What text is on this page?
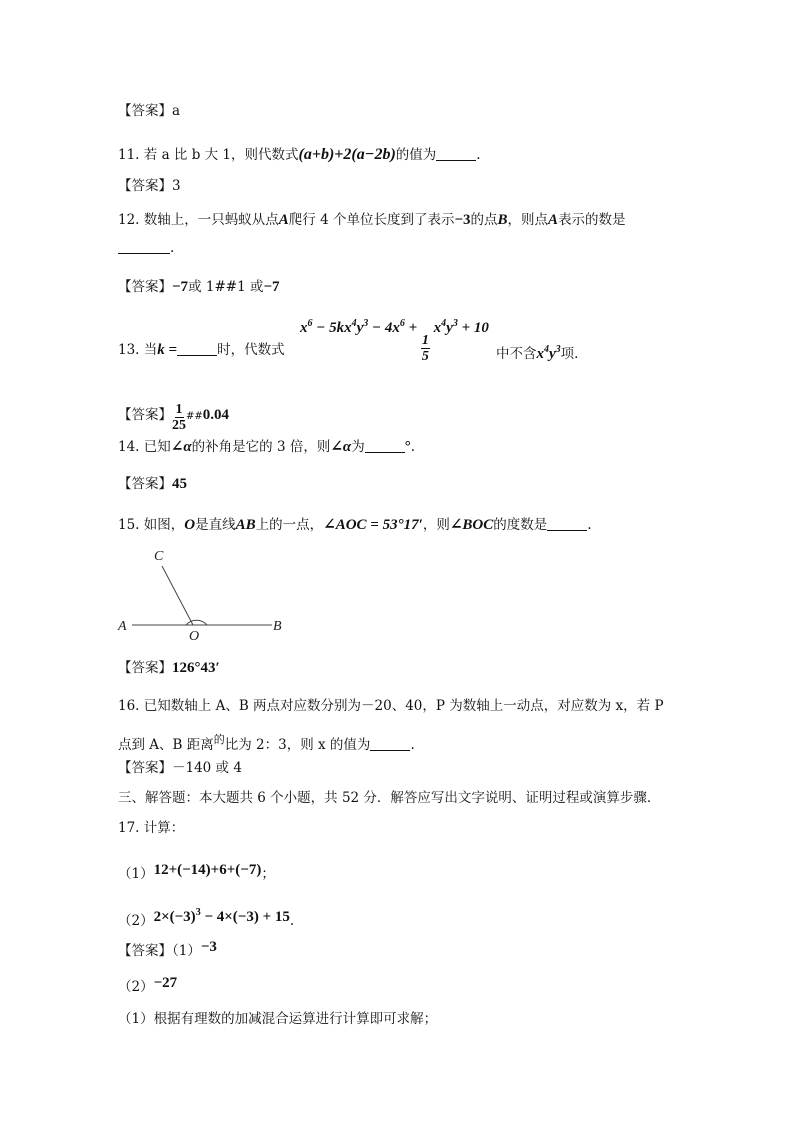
【答案】a
11. 若 a 比 b 大 1，则代数式(a+b)+2(a−2b)的值为	.
【答案】3
12. 数轴上，一只蚂蚁从点A爬行 4 个单位长度到了表示−3的点B，则点A表示的数是
.
【答案】−7或 1##1 或−7
13. 当k =	时，代数式
$x^6 - 5kx^4y^3 - 4x^6$ +
$\frac{1}{5}$
$x^4y^3 + 10$
中不含$x^4y^3$项.
【答案】 $\frac{1}{25}$ ##0.04
14. 已知∠α的补角是它的 3 倍，则∠α为	°.
【答案】45
15. 如图，O是直线AB上的一点，∠AOC = 53°17′，则∠BOC的度数是	.
C
A
O
B
【答案】126°43′
16. 已知数轴上 A、B 两点对应数分别为－20、40，P 为数轴上一动点，对应数为 x，若 P
点到 A、B 距离$^的$比为 2：3，则 x 的值为	.
【答案】－140 或 4
三、解答题：本大题共 6 个小题，共 52 分．解答应写出文字说明、证明过程或演算步骤．
17. 计算：
（1）12+(−14)+6+(−7)；
$(2)2\times(-3)^3 - 4\times(-3) + 15$.
【答案】（1）−3
（2）−27
（1）根据有理数的加减混合运算进行计算即可求解；
